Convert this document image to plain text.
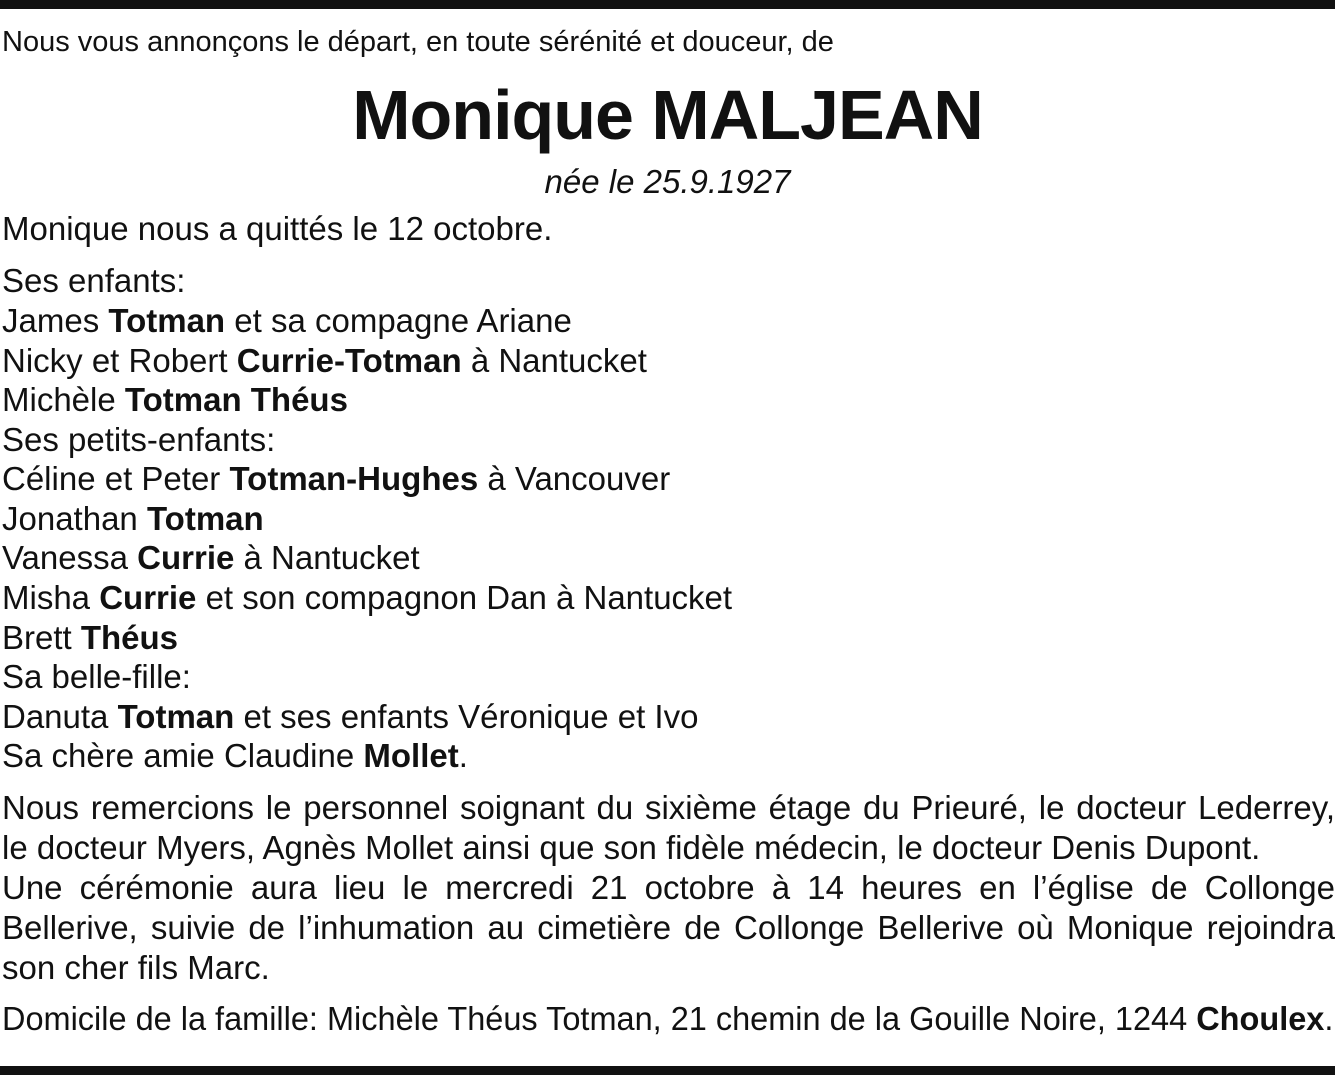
Nous vous annonçons le départ, en toute sérénité et douceur, de
Monique MALJEAN
née le 25.9.1927
Monique nous a quittés le 12 octobre.
Ses enfants:
James Totman et sa compagne Ariane
Nicky et Robert Currie-Totman à Nantucket
Michèle Totman Théus
Ses petits-enfants:
Céline et Peter Totman-Hughes à Vancouver
Jonathan Totman
Vanessa Currie à Nantucket
Misha Currie et son compagnon Dan à Nantucket
Brett Théus
Sa belle-fille:
Danuta Totman et ses enfants Véronique et Ivo
Sa chère amie Claudine Mollet.

Nous remercions le personnel soignant du sixième étage du Prieuré, le docteur Lederrey, le docteur Myers, Agnès Mollet ainsi que son fidèle médecin, le docteur Denis Dupont.

Une cérémonie aura lieu le mercredi 21 octobre à 14 heures en l’église de Collonge Bellerive, suivie de l’inhumation au cimetière de Collonge Bellerive où Monique rejoindra son cher fils Marc.

Domicile de la famille: Michèle Théus Totman, 21 chemin de la Gouille Noire, 1244 Choulex.
